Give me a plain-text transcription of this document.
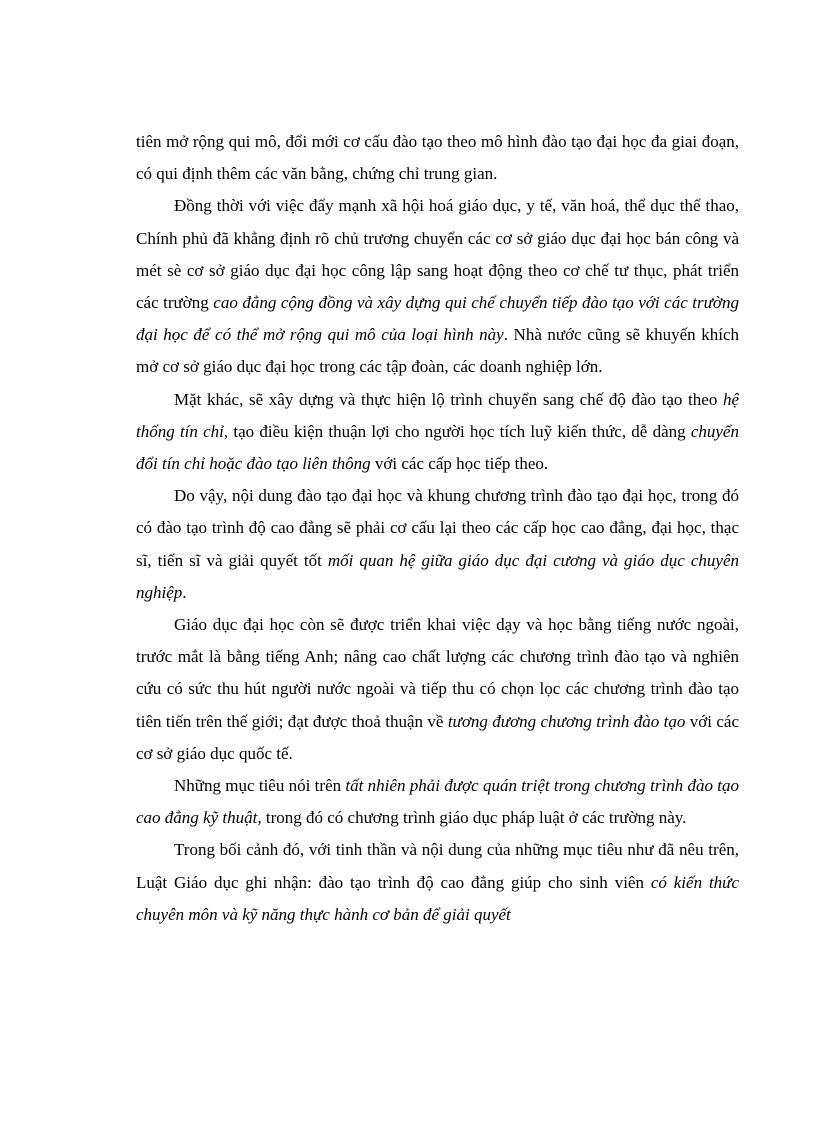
tiên mở rộng qui mô, đổi mới cơ cấu đào tạo theo mô hình đào tạo đại học đa giai đoạn, có qui định thêm các văn bằng, chứng chỉ trung gian.

Đồng thời với việc đẩy mạnh xã hội hoá giáo dục, y tế, văn hoá, thể dục thể thao, Chính phủ đã khẳng định rõ chủ trương chuyển các cơ sở giáo dục đại học bán công và mét sè cơ sở giáo dục đại học công lập sang hoạt động theo cơ chế tư thục, phát triển các trường cao đẳng cộng đồng và xây dựng qui chế chuyển tiếp đào tạo với các trường đại học để có thể mở rộng qui mô của loại hình này. Nhà nước cũng sẽ khuyến khích mở cơ sở giáo dục đại học trong các tập đoàn, các doanh nghiệp lớn.

Mặt khác, sẽ xây dựng và thực hiện lộ trình chuyển sang chế độ đào tạo theo hệ thống tín chỉ, tạo điều kiện thuận lợi cho người học tích luỹ kiến thức, dễ dàng chuyển đổi tín chỉ hoặc đào tạo liên thông với các cấp học tiếp theo.

Do vậy, nội dung đào tạo đại học và khung chương trình đào tạo đại học, trong đó có đào tạo trình độ cao đẳng sẽ phải cơ cấu lại theo các cấp học cao đẳng, đại học, thạc sĩ, tiến sĩ và giải quyết tốt mối quan hệ giữa giáo dục đại cương và giáo dục chuyên nghiệp.

Giáo dục đại học còn sẽ được triển khai việc dạy và học bằng tiếng nước ngoài, trước mắt là bằng tiếng Anh; nâng cao chất lượng các chương trình đào tạo và nghiên cứu có sức thu hút người nước ngoài và tiếp thu có chọn lọc các chương trình đào tạo tiên tiến trên thế giới; đạt được thoả thuận về tương đương chương trình đào tạo với các cơ sở giáo dục quốc tế.

Những mục tiêu nói trên tất nhiên phải được quán triệt trong chương trình đào tạo cao đẳng kỹ thuật, trong đó có chương trình giáo dục pháp luật ở các trường này.

Trong bối cảnh đó, với tinh thần và nội dung của những mục tiêu như đã nêu trên, Luật Giáo dục ghi nhận: đào tạo trình độ cao đẳng giúp cho sinh viên có kiến thức chuyên môn và kỹ năng thực hành cơ bản để giải quyết
